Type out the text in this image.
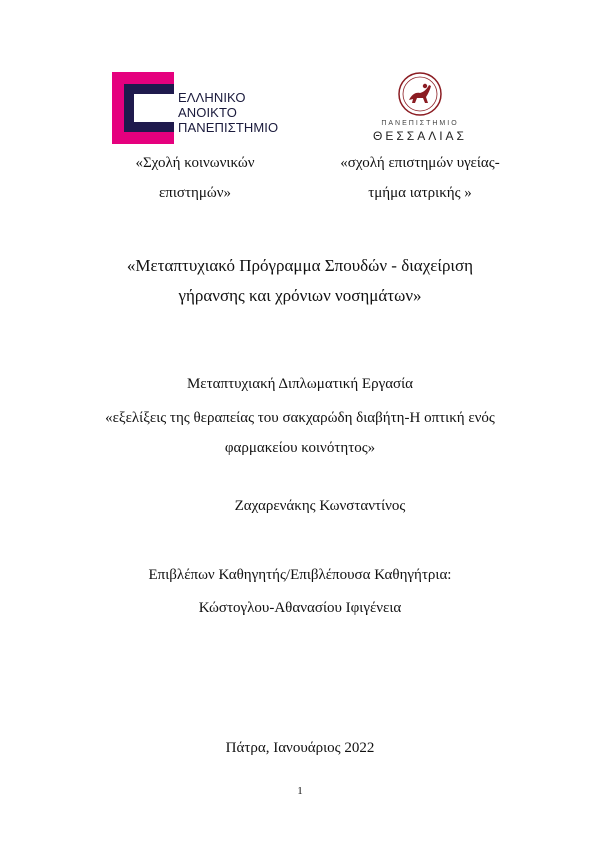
ΕΛΛΗΝΙΚΟ
ΑΝΟΙΚΤΟ
ΠΑΝΕΠΙΣΤΗΜΙΟ	ΠΑΝΕΠΙΣΤΗΜΙΟ
ΘΕΣΣΑΛΙΑΣ
«Σχολή κοινωνικών
επιστημών»
«σχολή επιστημών υγείας-
τμήμα ιατρικής »
«Μεταπτυχιακό Πρόγραμμα Σπουδών - διαχείριση
γήρανσης και χρόνιων νοσημάτων»
Μεταπτυχιακή Διπλωματική Εργασία
«εξελίξεις της θεραπείας του σακχαρώδη διαβήτη-Η οπτική ενός
φαρμακείου κοινότητος»
Ζαχαρενάκης Κωνσταντίνος
Επιβλέπων Καθηγητής/Επιβλέπουσα Καθηγήτρια:
Κώστογλου-Αθανασίου Ιφιγένεια
Πάτρα, Ιανουάριος 2022
1
